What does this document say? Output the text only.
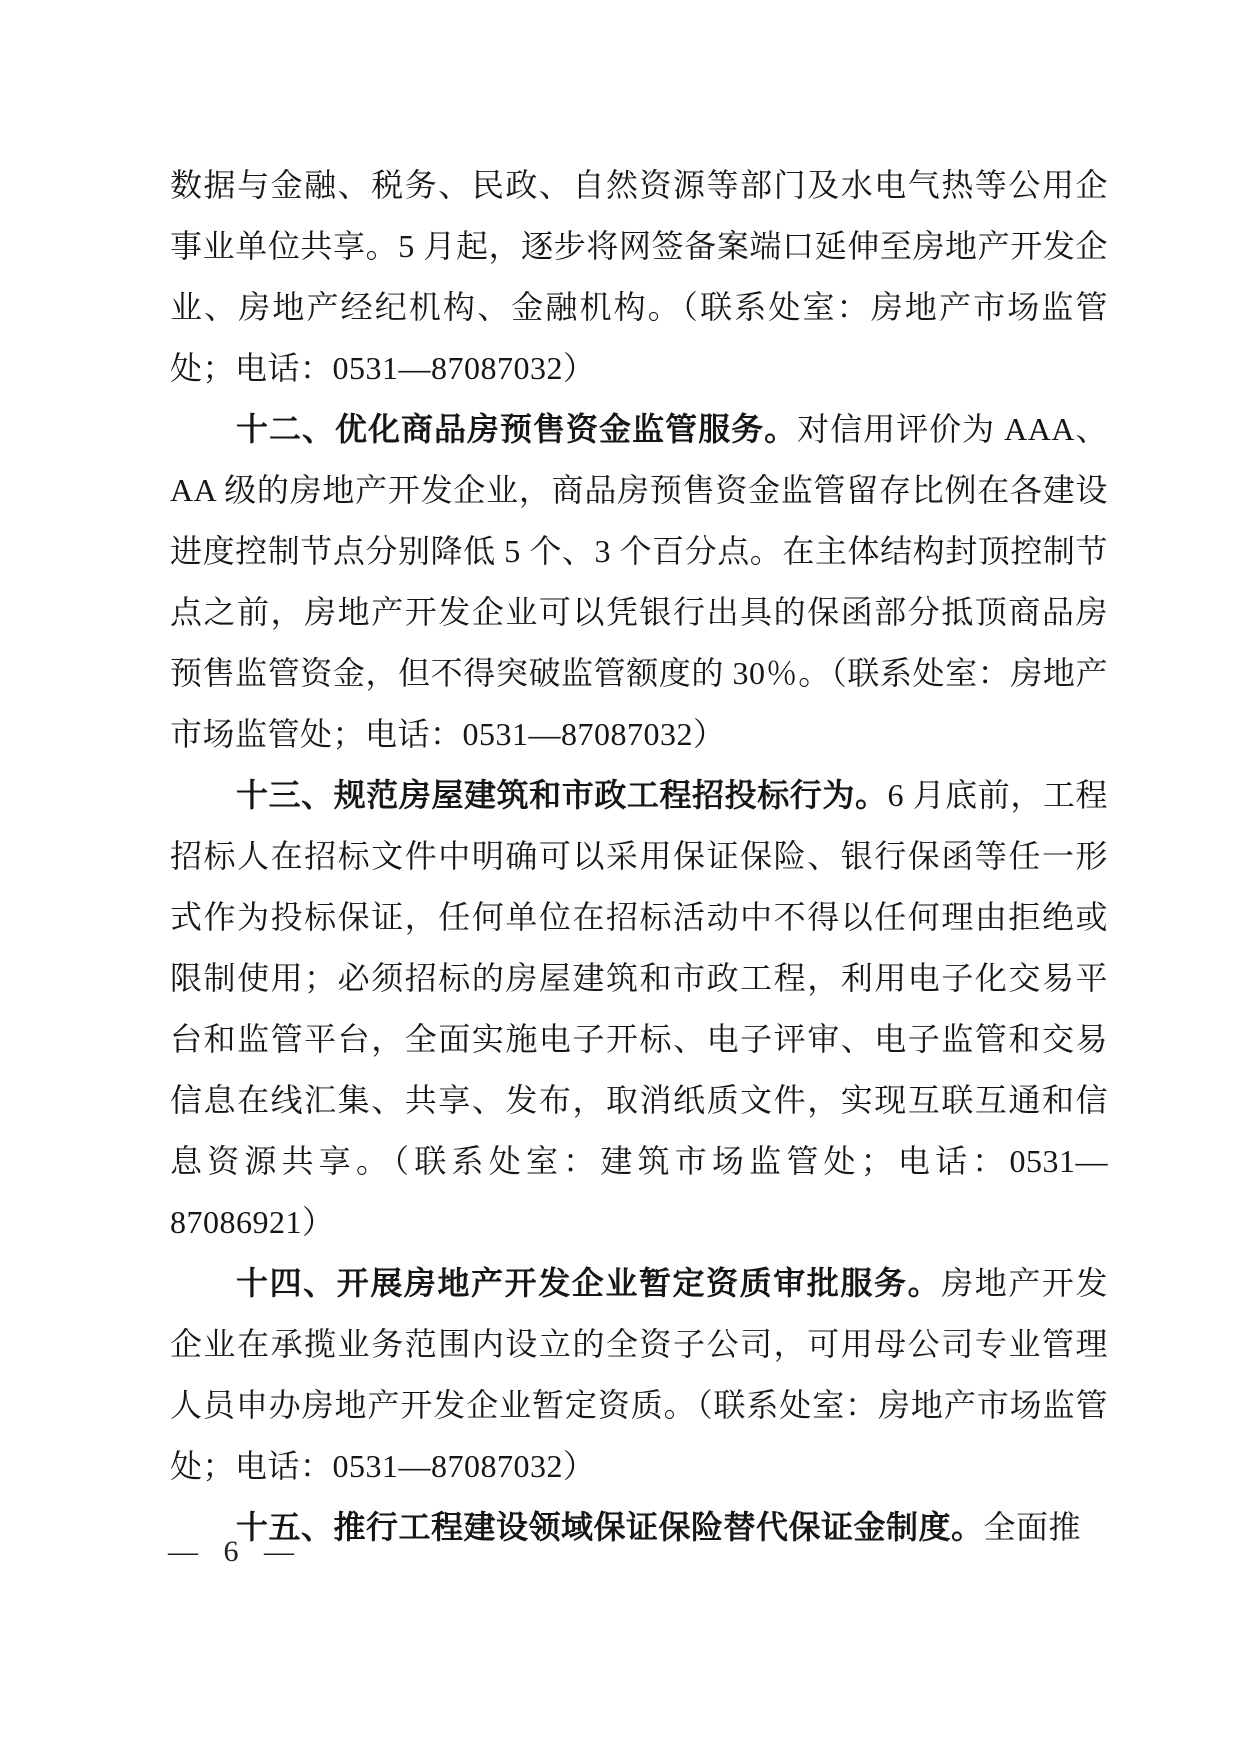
数据与金融、税务、民政、自然资源等部门及水电气热等公用企事业单位共享。5 月起，逐步将网签备案端口延伸至房地产开发企业、房地产经纪机构、金融机构。（联系处室：房地产市场监管处；电话：0531—87087032）

十二、优化商品房预售资金监管服务。对信用评价为 AAA、AA 级的房地产开发企业，商品房预售资金监管留存比例在各建设进度控制节点分别降低 5 个、3 个百分点。在主体结构封顶控制节点之前，房地产开发企业可以凭银行出具的保函部分抵顶商品房预售监管资金，但不得突破监管额度的 30％。（联系处室：房地产市场监管处；电话：0531—87087032）

十三、规范房屋建筑和市政工程招投标行为。6 月底前，工程招标人在招标文件中明确可以采用保证保险、银行保函等任一形式作为投标保证，任何单位在招标活动中不得以任何理由拒绝或限制使用；必须招标的房屋建筑和市政工程，利用电子化交易平台和监管平台，全面实施电子开标、电子评审、电子监管和交易信息在线汇集、共享、发布，取消纸质文件，实现互联互通和信息资源共享。（联系处室：建筑市场监管处；电话：0531—87086921）

十四、开展房地产开发企业暂定资质审批服务。房地产开发企业在承揽业务范围内设立的全资子公司，可用母公司专业管理人员申办房地产开发企业暂定资质。（联系处室：房地产市场监管处；电话：0531—87087032）

十五、推行工程建设领域保证保险替代保证金制度。全面推

— 6 —
